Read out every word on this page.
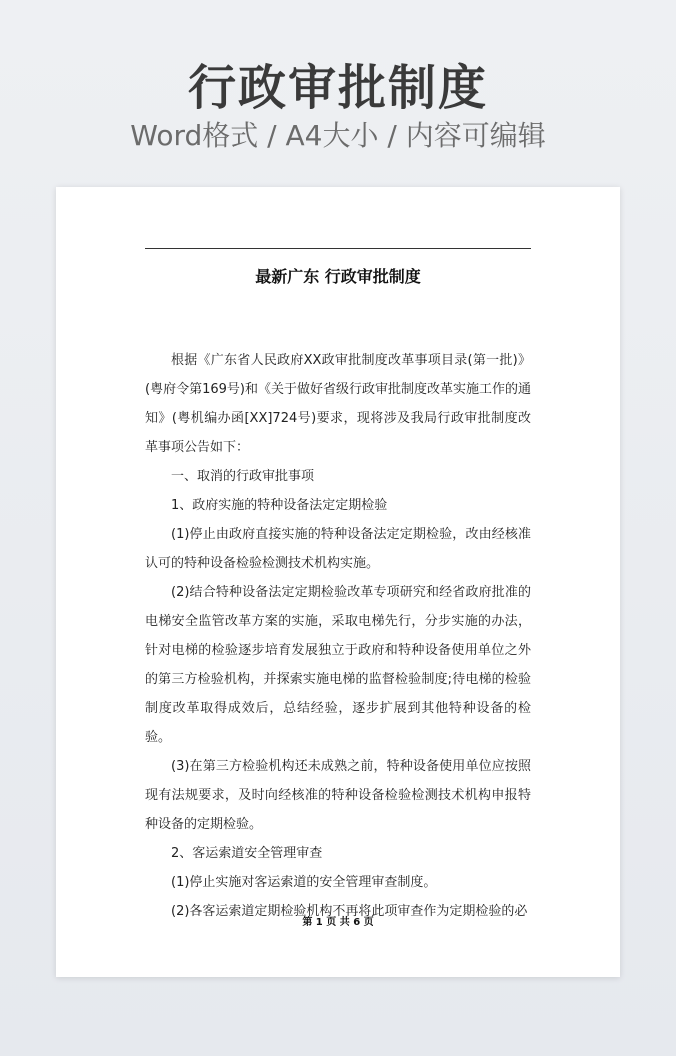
行政审批制度
Word格式 / A4大小 / 内容可编辑
最新广东 行政审批制度

根据《广东省人民政府XX政审批制度改革事项目录(第一批)》(粤府令第169号)和《关于做好省级行政审批制度改革实施工作的通知》(粤机编办函[XX]724号)要求，现将涉及我局行政审批制度改革事项公告如下：

一、取消的行政审批事项

1、政府实施的特种设备法定定期检验

(1)停止由政府直接实施的特种设备法定定期检验，改由经核准认可的特种设备检验检测技术机构实施。

(2)结合特种设备法定定期检验改革专项研究和经省政府批准的电梯安全监管改革方案的实施，采取电梯先行，分步实施的办法，针对电梯的检验逐步培育发展独立于政府和特种设备使用单位之外的第三方检验机构，并探索实施电梯的监督检验制度;待电梯的检验制度改革取得成效后，总结经验，逐步扩展到其他特种设备的检验。

(3)在第三方检验机构还未成熟之前，特种设备使用单位应按照现有法规要求，及时向经核准的特种设备检验检测技术机构申报特种设备的定期检验。

2、客运索道安全管理审查

(1)停止实施对客运索道的安全管理审查制度。

(2)各客运索道定期检验机构不再将此项审查作为定期检验的必

第 1 页 共 6 页
